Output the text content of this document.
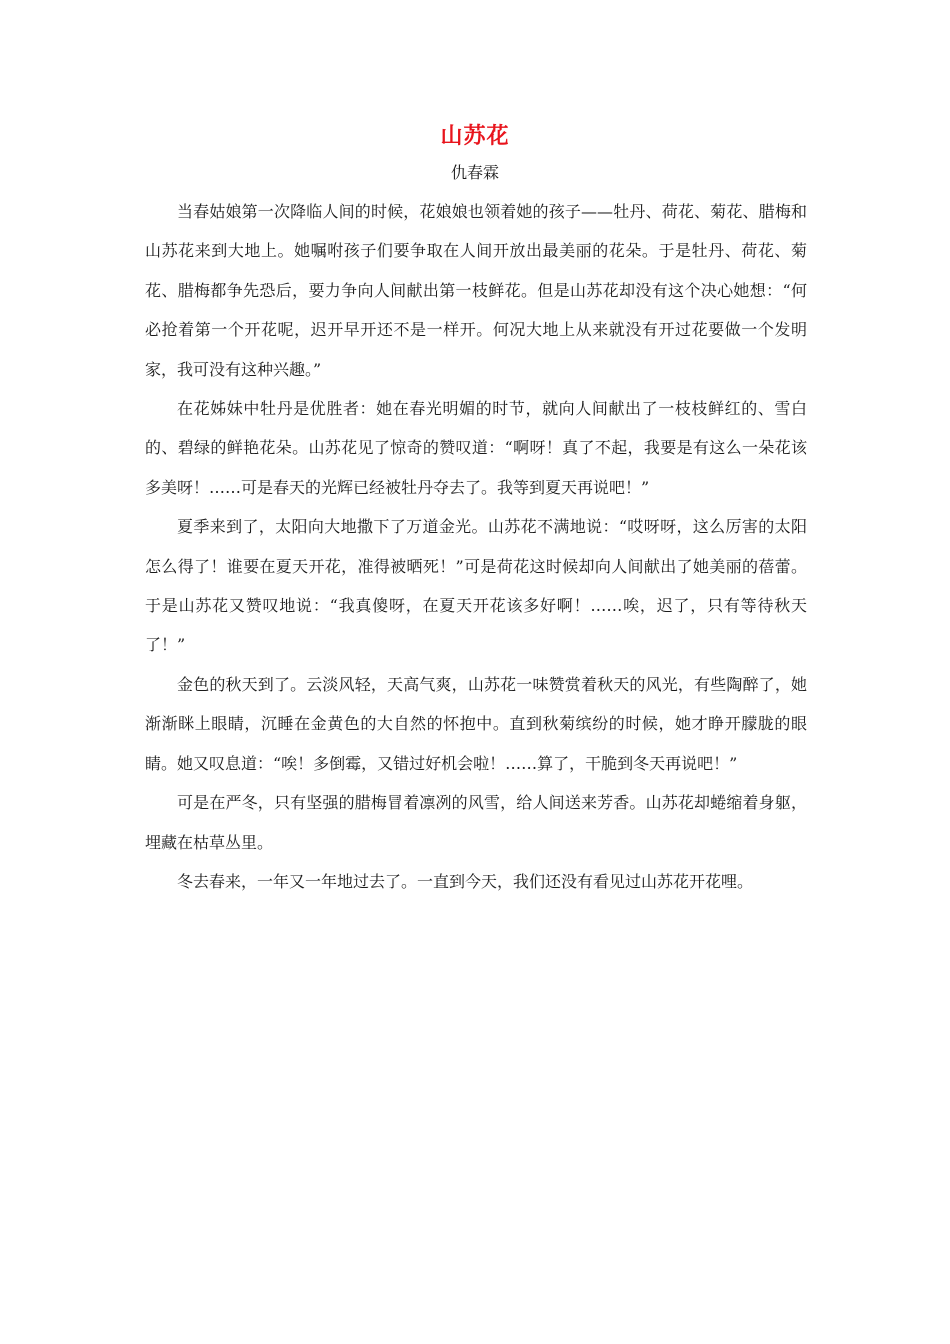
山苏花
仇春霖

当春姑娘第一次降临人间的时候，花娘娘也领着她的孩子——牡丹、荷花、菊花、腊梅和山苏花来到大地上。她嘱咐孩子们要争取在人间开放出最美丽的花朵。于是牡丹、荷花、菊花、腊梅都争先恐后，要力争向人间献出第一枝鲜花。但是山苏花却没有这个决心她想：“何必抢着第一个开花呢，迟开早开还不是一样开。何况大地上从来就没有开过花要做一个发明家，我可没有这种兴趣。”

在花姊妹中牡丹是优胜者：她在春光明媚的时节，就向人间献出了一枝枝鲜红的、雪白的、碧绿的鲜艳花朵。山苏花见了惊奇的赞叹道：“啊呀！真了不起，我要是有这么一朵花该多美呀！……可是春天的光辉已经被牡丹夺去了。我等到夏天再说吧！”

夏季来到了，太阳向大地撒下了万道金光。山苏花不满地说：“哎呀呀，这么厉害的太阳怎么得了！谁要在夏天开花，准得被晒死！”可是荷花这时候却向人间献出了她美丽的蓓蕾。于是山苏花又赞叹地说：“我真傻呀，在夏天开花该多好啊！……唉，迟了，只有等待秋天了！”

金色的秋天到了。云淡风轻，天高气爽，山苏花一味赞赏着秋天的风光，有些陶醉了，她渐渐眯上眼睛，沉睡在金黄色的大自然的怀抱中。直到秋菊缤纷的时候，她才睁开朦胧的眼睛。她又叹息道：“唉！多倒霉，又错过好机会啦！……算了，干脆到冬天再说吧！”

可是在严冬，只有坚强的腊梅冒着凛冽的风雪，给人间送来芳香。山苏花却蜷缩着身躯，埋藏在枯草丛里。

冬去春来，一年又一年地过去了。一直到今天，我们还没有看见过山苏花开花哩。
